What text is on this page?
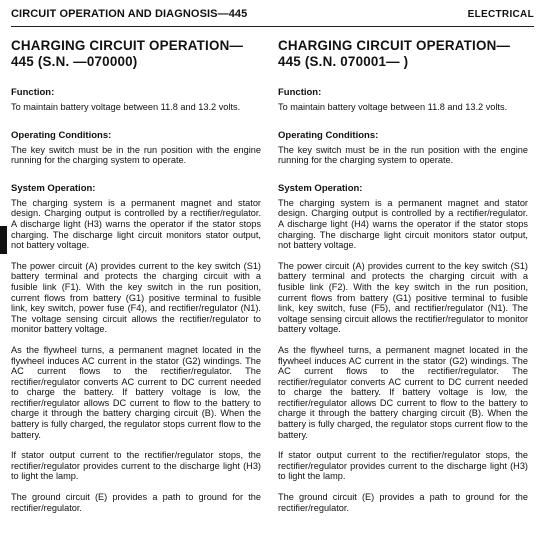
CIRCUIT OPERATION AND DIAGNOSIS—445	ELECTRICAL
CHARGING CIRCUIT OPERATION— 445 (S.N. —070000)

Function:

To maintain battery voltage between 11.8 and 13.2 volts.

Operating Conditions:

The key switch must be in the run position with the engine running for the charging system to operate.

System Operation:

The charging system is a permanent magnet and stator design. Charging output is controlled by a rectifier/regulator. A discharge light (H3) warns the operator if the stator stops charging. The discharge light circuit monitors stator output, not battery voltage.

The power circuit (A) provides current to the key switch (S1) battery terminal and protects the charging circuit with a fusible link (F1). With the key switch in the run position, current flows from battery (G1) positive terminal to fusible link, key switch, power fuse (F4), and rectifier/regulator (N1). The voltage sensing circuit allows the rectifier/regulator to monitor battery voltage.

As the flywheel turns, a permanent magnet located in the flywheel induces AC current in the stator (G2) windings. The AC current flows to the rectifier/regulator. The rectifier/regulator converts AC current to DC current needed to charge the battery. If battery voltage is low, the rectifier/regulator allows DC current to flow to the battery to charge it through the battery charging circuit (B). When the battery is fully charged, the regulator stops current flow to the battery.

If stator output current to the rectifier/regulator stops, the rectifier/regulator provides current to the discharge light (H3) to light the lamp.

The ground circuit (E) provides a path to ground for the rectifier/regulator.

CHARGING CIRCUIT OPERATION— 445 (S.N. 070001— )

Function:

To maintain battery voltage between 11.8 and 13.2 volts.

Operating Conditions:

The key switch must be in the run position with the engine running for the charging system to operate.

System Operation:

The charging system is a permanent magnet and stator design. Charging output is controlled by a rectifier/regulator. A discharge light (H4) warns the operator if the stator stops charging. The discharge light circuit monitors stator output, not battery voltage.

The power circuit (A) provides current to the key switch (S1) battery terminal and protects the charging circuit with a fusible link (F2). With the key switch in the run position, current flows from battery (G1) positive terminal to fusible link, key switch, fuse (F5), and rectifier/regulator (N1). The voltage sensing circuit allows the rectifier/regulator to monitor battery voltage.

As the flywheel turns, a permanent magnet located in the flywheel induces AC current in the stator (G2) windings. The AC current flows to the rectifier/regulator. The rectifier/regulator converts AC current to DC current needed to charge the battery. If battery voltage is low, the rectifier/regulator allows DC current to flow to the battery to charge it through the battery charging circuit (B). When the battery is fully charged, the regulator stops current flow to the battery.

If stator output current to the rectifier/regulator stops, the rectifier/regulator provides current to the discharge light (H3) to light the lamp.

The ground circuit (E) provides a path to ground for the rectifier/regulator.
